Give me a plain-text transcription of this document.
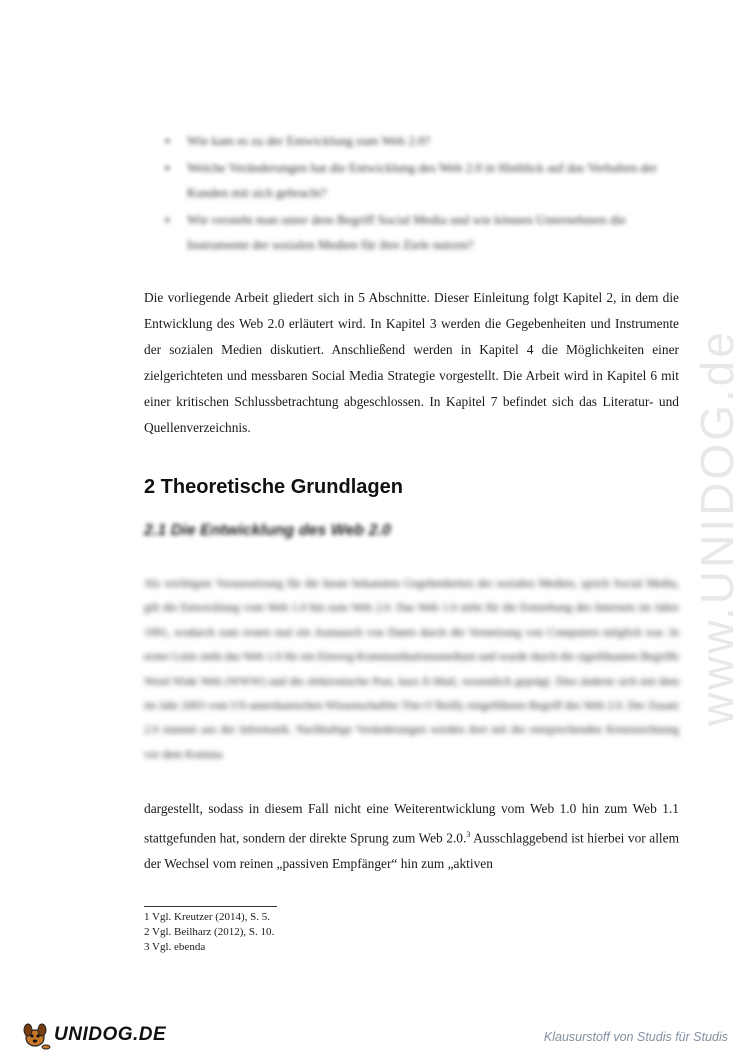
www.UNIDOG.de
▪ Wie kam es zu der Entwicklung zum Web 2.0?
▪ Welche Veränderungen hat die Entwicklung des Web 2.0 in Hinblick auf das Verhalten der Kunden mit sich gebracht?
▪ Wie versteht man unter dem Begriff Social Media und wie können Unternehmen die Instrumente der sozialen Medien für ihre Ziele nutzen?

Die vorliegende Arbeit gliedert sich in 5 Abschnitte. Dieser Einleitung folgt Kapitel 2, in dem die Entwicklung des Web 2.0 erläutert wird. In Kapitel 3 werden die Gegebenheiten und Instrumente der sozialen Medien diskutiert. Anschließend werden in Kapitel 4 die Möglichkeiten einer zielgerichteten und messbaren Social Media Strategie vorgestellt. Die Arbeit wird in Kapitel 6 mit einer kritischen Schlussbetrachtung abgeschlossen. In Kapitel 7 befindet sich das Literatur- und Quellenverzeichnis.

2 Theoretische Grundlagen
2.1 Die Entwicklung des Web 2.0

Als wichtigste Voraussetzung für die heute bekannten Gegebenheiten der sozialen Medien, sprich Social Media, gilt die Entwicklung vom Web 1.0 hin zum Web 2.0. Das Web 1.0 steht für die Entstehung des Internets im Jahre 1991, wodurch zum ersten mal ein Austausch von Daten durch die Vernetzung von Computern möglich war. In erster Linie steht das Web 1.0 für ein Einweg-Kommunikationsmedium und wurde durch die signifikanten Begriffe Word Wide Web (WWW) und die elektronische Post, kurz E-Mail, wesentlich geprägt. Dies änderte sich mit dem im Jahr 2003 vom US-amerikanischen Wissenschaftler Tim O´Reilly eingeführten Begriff des Web 2.0. Der Zusatz 2.0 stammt aus der Informatik. Nachhaltige Veränderungen werden dort mit der entsprechenden Kennzeichnung vor dem Komma

dargestellt, sodass in diesem Fall nicht eine Weiterentwicklung vom Web 1.0 hin zum Web 1.1 stattgefunden hat, sondern der direkte Sprung zum Web 2.0.$^3$ Ausschlaggebend ist hierbei vor allem der Wechsel vom reinen „passiven Empfänger“ hin zum „aktiven

1 Vgl. Kreutzer (2014), S. 5.
2 Vgl. Beilharz (2012), S. 10.
3 Vgl. ebenda
UNIDOG.DE	Klausurstoff von Studis für Studis
